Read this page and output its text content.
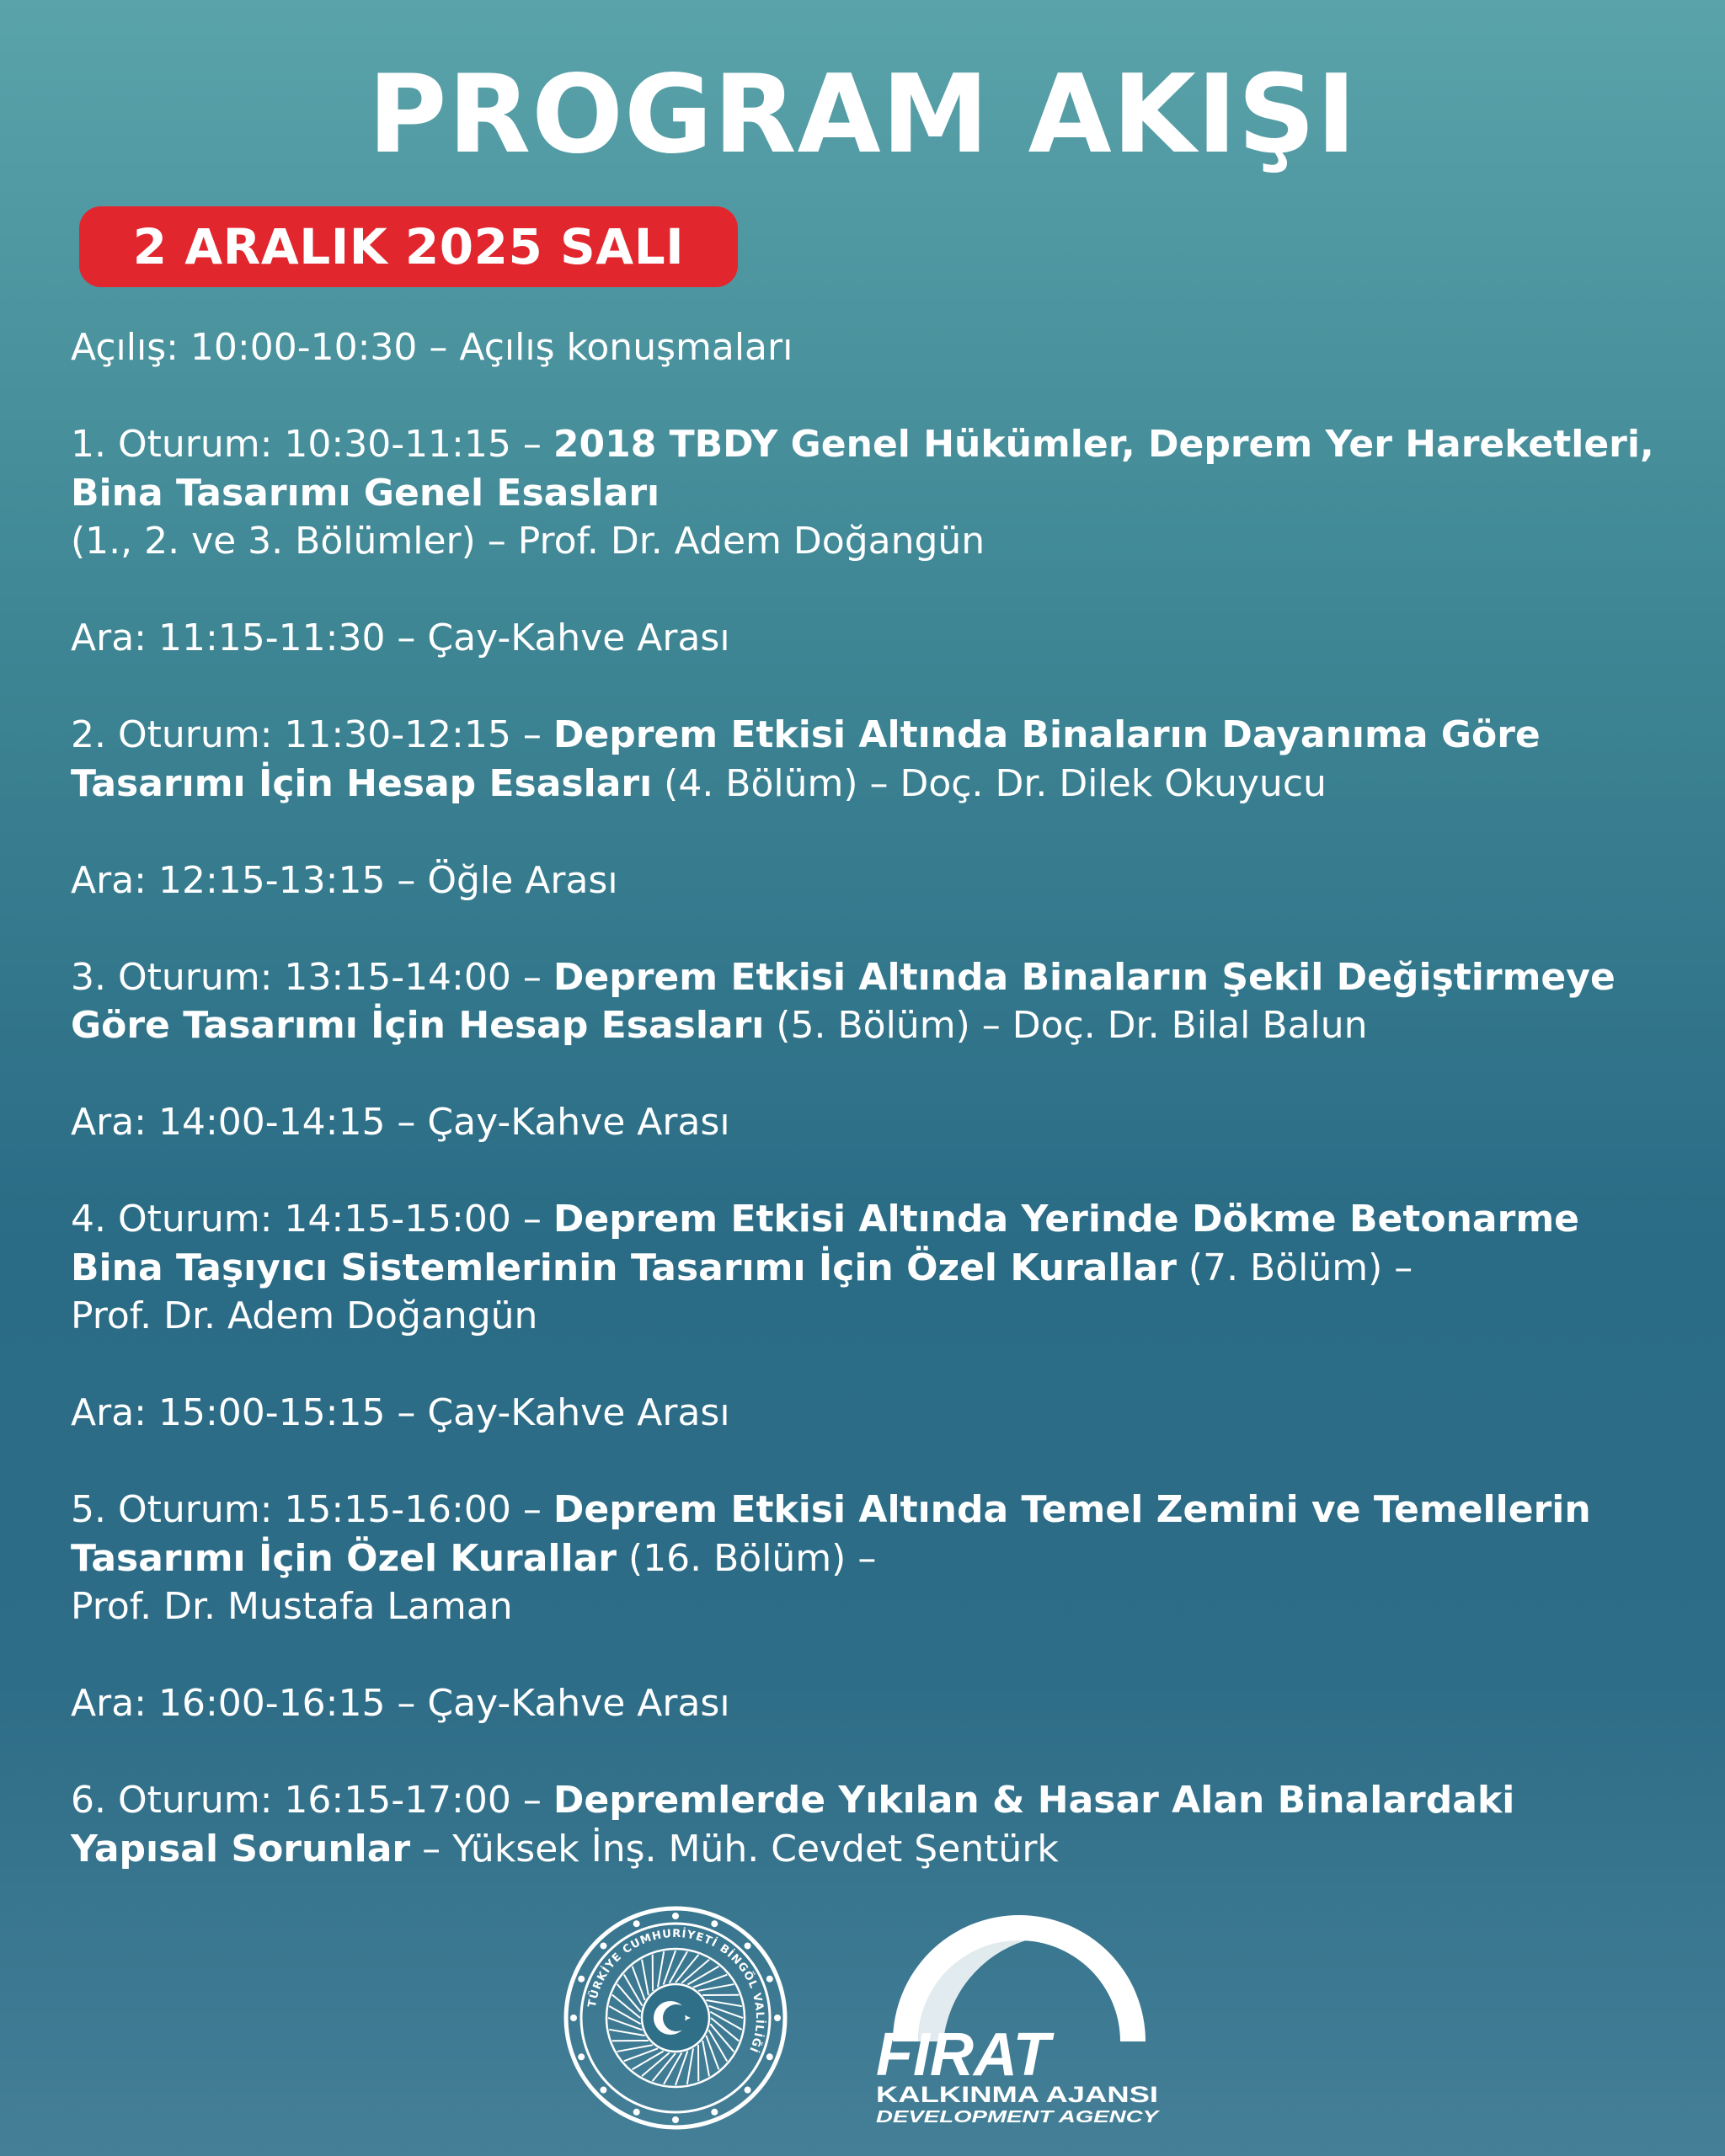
PROGRAM AKIŞI
2 ARALIK 2025 SALI
Açılış: 10:00-10:30 – Açılış konuşmaları
1. Oturum: 10:30-11:15 – 2018 TBDY Genel Hükümler, Deprem Yer Hareketleri,
Bina Tasarımı Genel Esasları
(1., 2. ve 3. Bölümler) – Prof. Dr. Adem Doğangün
Ara: 11:15-11:30 – Çay-Kahve Arası
2. Oturum: 11:30-12:15 – Deprem Etkisi Altında Binaların Dayanıma Göre
Tasarımı İçin Hesap Esasları (4. Bölüm) – Doç. Dr. Dilek Okuyucu
Ara: 12:15-13:15 – Öğle Arası
3. Oturum: 13:15-14:00 – Deprem Etkisi Altında Binaların Şekil Değiştirmeye
Göre Tasarımı İçin Hesap Esasları (5. Bölüm) – Doç. Dr. Bilal Balun
Ara: 14:00-14:15 – Çay-Kahve Arası
4. Oturum: 14:15-15:00 – Deprem Etkisi Altında Yerinde Dökme Betonarme
Bina Taşıyıcı Sistemlerinin Tasarımı İçin Özel Kurallar (7. Bölüm) –
Prof. Dr. Adem Doğangün
Ara: 15:00-15:15 – Çay-Kahve Arası
5. Oturum: 15:15-16:00 – Deprem Etkisi Altında Temel Zemini ve Temellerin
Tasarımı İçin Özel Kurallar (16. Bölüm) –
Prof. Dr. Mustafa Laman
Ara: 16:00-16:15 – Çay-Kahve Arası
6. Oturum: 16:15-17:00 – Depremlerde Yıkılan & Hasar Alan Binalardaki
Yapısal Sorunlar – Yüksek İnş. Müh. Cevdet Şentürk
TÜRKİYE CUMHURİYETİ BİNGÖL VALİLİĞİ FIRAT
KALKINMA AJANSI
DEVELOPMENT AGENCY
